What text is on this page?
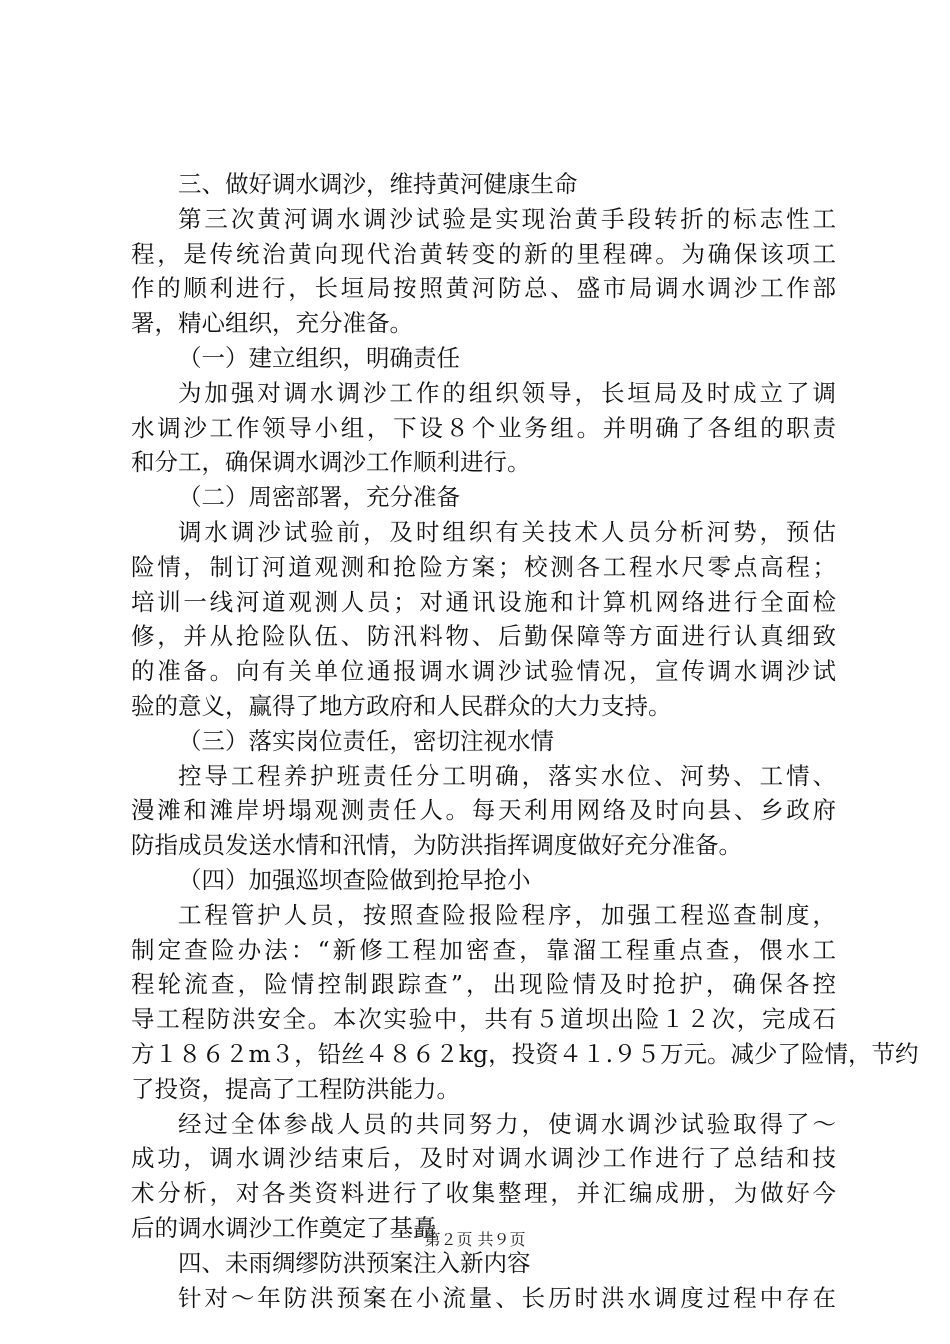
三、做好调水调沙，维持黄河健康生命
第三次黄河调水调沙试验是实现治黄手段转折的标志性工
程，是传统治黄向现代治黄转变的新的里程碑。为确保该项工
作的顺利进行，长垣局按照黄河防总、盛市局调水调沙工作部
署，精心组织，充分准备。
（一）建立组织，明确责任
为加强对调水调沙工作的组织领导，长垣局及时成立了调
水调沙工作领导小组，下设８个业务组。并明确了各组的职责
和分工，确保调水调沙工作顺利进行。
（二）周密部署，充分准备
调水调沙试验前，及时组织有关技术人员分析河势，预估
险情，制订河道观测和抢险方案；校测各工程水尺零点高程；
培训一线河道观测人员；对通讯设施和计算机网络进行全面检
修，并从抢险队伍、防汛料物、后勤保障等方面进行认真细致
的准备。向有关单位通报调水调沙试验情况，宣传调水调沙试
验的意义，赢得了地方政府和人民群众的大力支持。
（三）落实岗位责任，密切注视水情
控导工程养护班责任分工明确，落实水位、河势、工情、
漫滩和滩岸坍塌观测责任人。每天利用网络及时向县、乡政府
防指成员发送水情和汛情，为防洪指挥调度做好充分准备。
（四）加强巡坝查险做到抢早抢小
工程管护人员，按照查险报险程序，加强工程巡查制度，
制定查险办法：“新修工程加密查，靠溜工程重点查，偎水工
程轮流查，险情控制跟踪查”，出现险情及时抢护，确保各控
导工程防洪安全。本次实验中，共有５道坝出险１２次，完成石
方１８６２m３，铅丝４８６２kg，投资４１.９５万元。减少了险情，节约
了投资，提高了工程防洪能力。
经过全体参战人员的共同努力，使调水调沙试验取得了～
成功，调水调沙结束后，及时对调水调沙工作进行了总结和技
术分析，对各类资料进行了收集整理，并汇编成册，为做好今
后的调水调沙工作奠定了基矗
四、未雨绸缪防洪预案注入新内容
针对～年防洪预案在小流量、长历时洪水调度过程中存在
第２页 共９页
